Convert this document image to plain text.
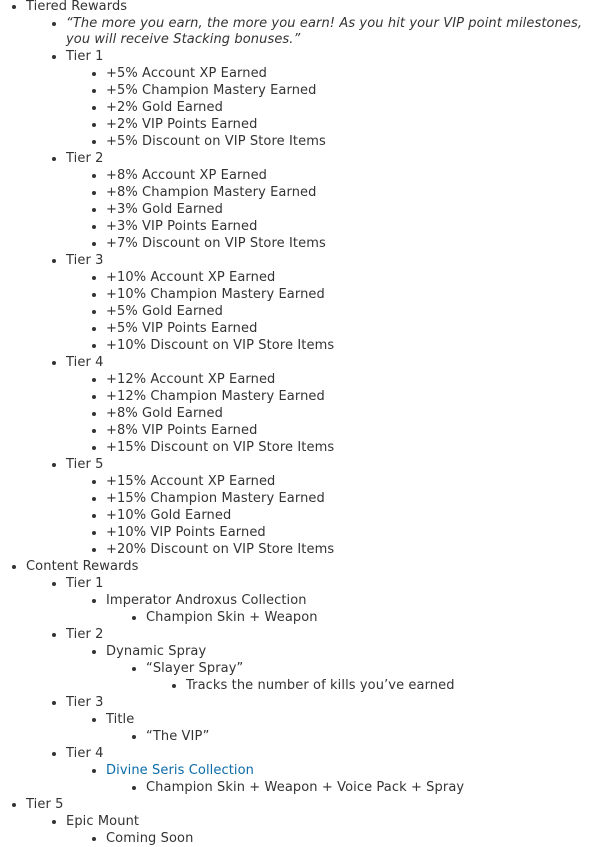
• Tiered Rewards
• “The more you earn, the more you earn! As you hit your VIP point milestones, you will receive Stacking bonuses.”
• Tier 1
• +5% Account XP Earned
• +5% Champion Mastery Earned
• +2% Gold Earned
• +2% VIP Points Earned
• +5% Discount on VIP Store Items
• Tier 2
• +8% Account XP Earned
• +8% Champion Mastery Earned
• +3% Gold Earned
• +3% VIP Points Earned
• +7% Discount on VIP Store Items
• Tier 3
• +10% Account XP Earned
• +10% Champion Mastery Earned
• +5% Gold Earned
• +5% VIP Points Earned
• +10% Discount on VIP Store Items
• Tier 4
• +12% Account XP Earned
• +12% Champion Mastery Earned
• +8% Gold Earned
• +8% VIP Points Earned
• +15% Discount on VIP Store Items
• Tier 5
• +15% Account XP Earned
• +15% Champion Mastery Earned
• +10% Gold Earned
• +10% VIP Points Earned
• +20% Discount on VIP Store Items
• Content Rewards
• Tier 1
• Imperator Androxus Collection
• Champion Skin + Weapon
• Tier 2
• Dynamic Spray
• “Slayer Spray”
• Tracks the number of kills you’ve earned
• Tier 3
• Title
• “The VIP”
• Tier 4
• Divine Seris Collection
• Champion Skin + Weapon + Voice Pack + Spray
• Tier 5
• Epic Mount
• Coming Soon
